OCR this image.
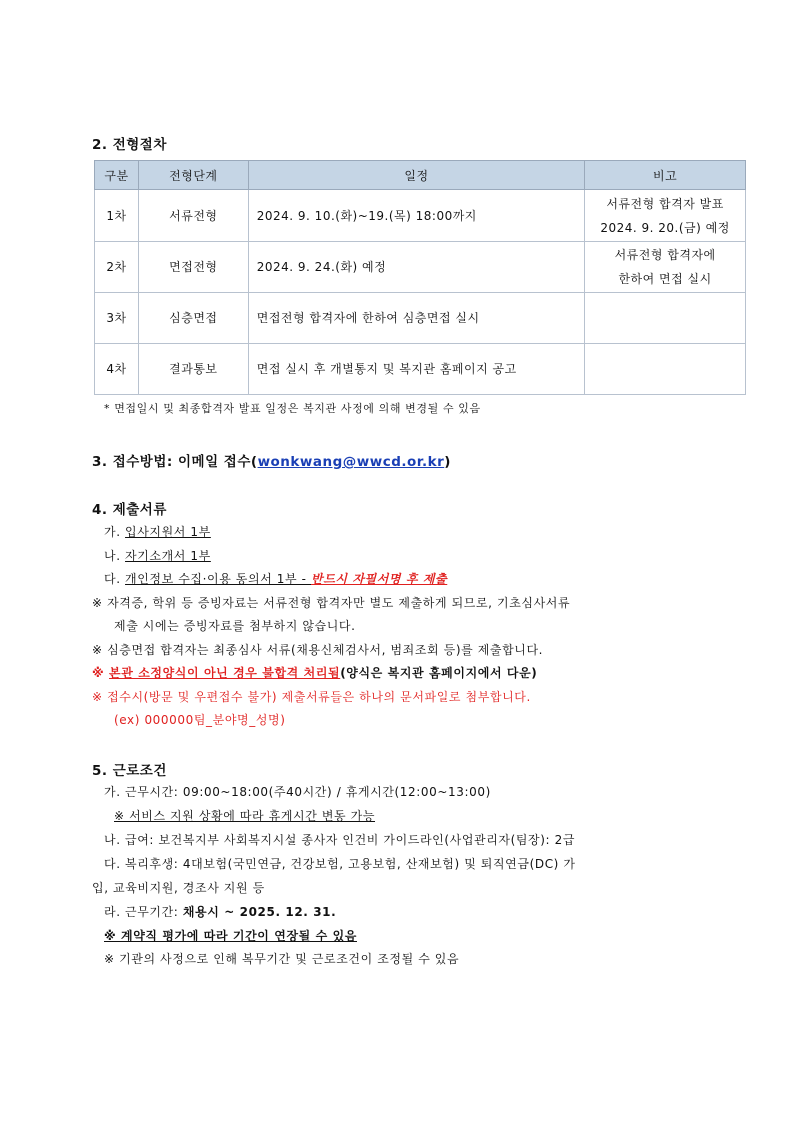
2. 전형절차
구분	전형단계	일정	비고
1차	서류전형	2024. 9. 10.(화)~19.(목) 18:00까지	서류전형 합격자 발표
2024. 9. 20.(금) 예정

2차	면접전형	2024. 9. 24.(화) 예정	서류전형 합격자에
한하여 면접 실시

3차	심층면접	면접전형 합격자에 한하여 심층면접 실시	
4차	결과통보	면접 실시 후 개별통지 및 복지관 홈페이지 공고	
* 면접일시 및 최종합격자 발표 일정은 복지관 사정에 의해 변경될 수 있음
3. 접수방법: 이메일 접수(wonkwang@wwcd.or.kr)
4. 제출서류
가. 입사지원서 1부
나. 자기소개서 1부
다. 개인정보 수집·이용 동의서 1부 - 반드시 자필서명 후 제출
※ 자격증, 학위 등 증빙자료는 서류전형 합격자만 별도 제출하게 되므로, 기초심사서류
제출 시에는 증빙자료를 첨부하지 않습니다.
※ 심층면접 합격자는 최종심사 서류(채용신체검사서, 범죄조회 등)를 제출합니다.
※ 본관 소정양식이 아닌 경우 불합격 처리됨(양식은 복지관 홈페이지에서 다운)
※ 접수시(방문 및 우편접수 불가) 제출서류들은 하나의 문서파일로 첨부합니다.
(ex) 000000팀_분야명_성명)
5. 근로조건
가. 근무시간: 09:00~18:00(주40시간) / 휴게시간(12:00~13:00)
※ 서비스 지원 상황에 따라 휴게시간 변동 가능
나. 급여: 보건복지부 사회복지시설 종사자 인건비 가이드라인(사업관리자(팀장): 2급
다. 복리후생: 4대보험(국민연금, 건강보험, 고용보험, 산재보험) 및 퇴직연금(DC) 가
입, 교육비지원, 경조사 지원 등
라. 근무기간: 채용시 ~ 2025. 12. 31.
※ 계약직 평가에 따라 기간이 연장될 수 있음
※ 기관의 사정으로 인해 복무기간 및 근로조건이 조정될 수 있음
